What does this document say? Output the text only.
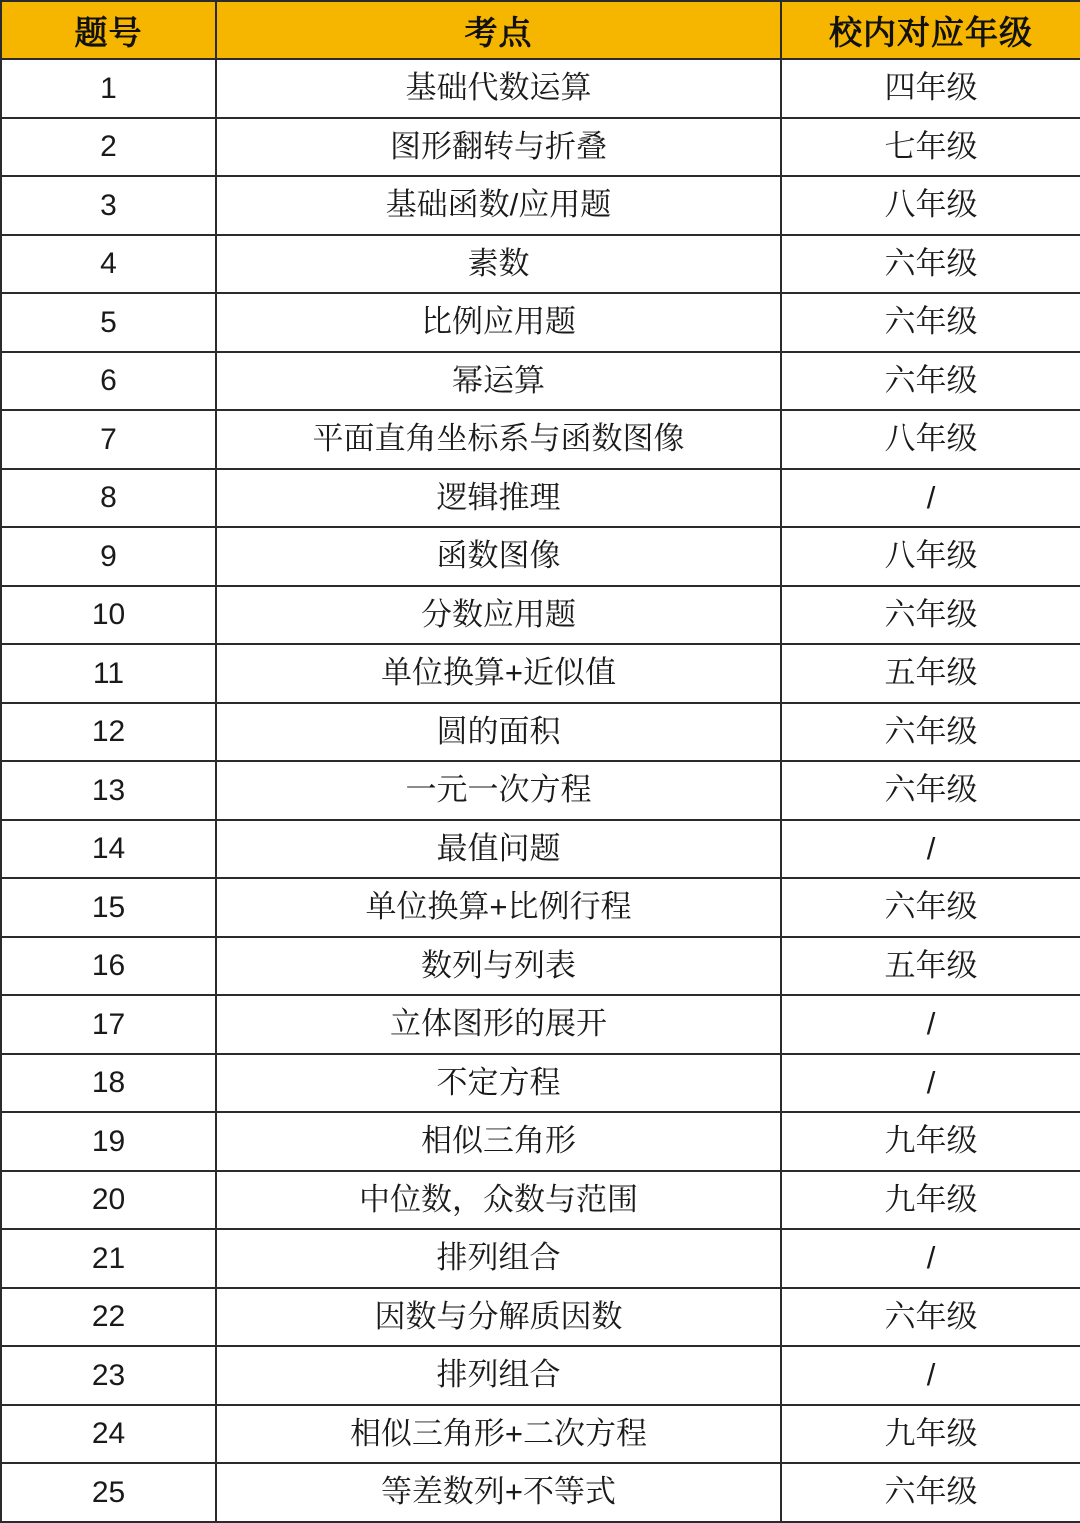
题号	考点	校内对应年级
1	基础代数运算	四年级
2	图形翻转与折叠	七年级
3	基础函数/应用题	八年级
4	素数	六年级
5	比例应用题	六年级
6	幂运算	六年级
7	平面直角坐标系与函数图像	八年级
8	逻辑推理	/
9	函数图像	八年级
10	分数应用题	六年级
11	单位换算+近似值	五年级
12	圆的面积	六年级
13	一元一次方程	六年级
14	最值问题	/
15	单位换算+比例行程	六年级
16	数列与列表	五年级
17	立体图形的展开	/
18	不定方程	/
19	相似三角形	九年级
20	中位数，众数与范围	九年级
21	排列组合	/
22	因数与分解质因数	六年级
23	排列组合	/
24	相似三角形+二次方程	九年级
25	等差数列+不等式	六年级
